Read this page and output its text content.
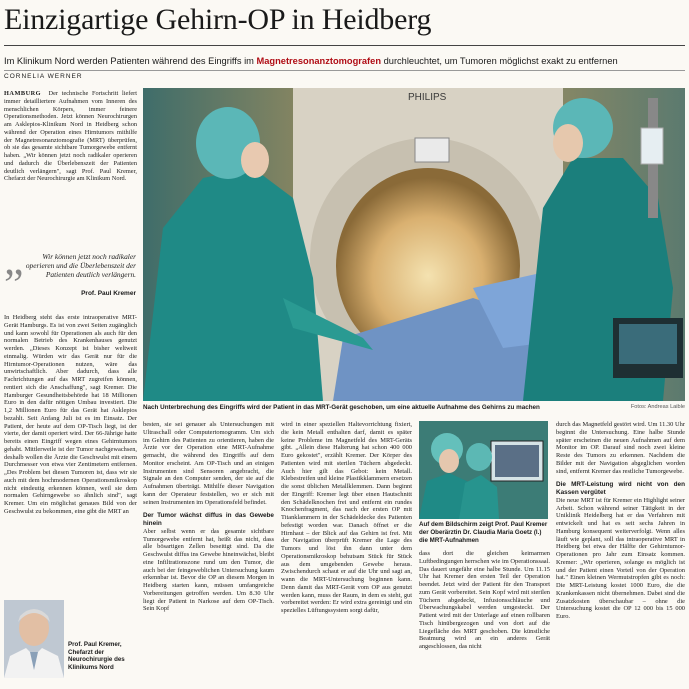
Einzigartige Gehirn-OP in Heidberg
Im Klinikum Nord werden Patienten während des Eingriffs im Magnetresonanztomografen durchleuchtet, um Tumoren möglichst exakt zu entfernen
CORNELIA WERNER

HAMBURG Der technische Fortschritt liefert immer detailliertere Aufnahmen vom Inneren des menschlichen Körpers, immer feinere Operationsmethoden. Jetzt können Neurochirurgen am Asklepios-Klinikum Nord in Heidberg schon während der Operation eines Hirntumors mithilfe der Magnetresonanztomografie (MRT) überprüfen, ob sie das gesamte sichtbare Tumorgewebe entfernt haben. „Wir können jetzt noch radikaler operieren und dadurch die Überlebenszeit der Patienten deutlich verlängern", sagt Prof. Paul Kremer, Chefarzt der Neurochirurgie am Klinikum Nord.

„	Wir können jetzt noch radikaler operieren und die Überlebenszeit der Patienten deutlich verlängern.
Prof. Paul Kremer

In Heidberg steht das erste intraoperative MRT-Gerät Hamburgs. Es ist von zwei Seiten zugänglich und kann sowohl für Operationen als auch für den normalen Betrieb des Krankenhauses genutzt werden. „Dieses Konzept ist bisher weltweit einmalig. Würden wir das Gerät nur für die Hirntumor-Operationen nutzen, wäre das unwirtschaftlich. Aber dadurch, dass alle Fachrichtungen auf das MRT zugreifen können, rentiert sich die Anschaffung", sagt Kremer. Die Hamburger Gesundheitsbehörde hat 18 Millionen Euro in den dafür nötigen Umbau investiert. Die 1,2 Millionen Euro für das Gerät hat Asklepios bezahlt. Seit Anfang Juli ist es im Einsatz. Der Patient, der heute auf dem OP-Tisch liegt, ist der vierte, der damit operiert wird. Der 66-Jährige hatte bereits einen Eingriff wegen eines Gehirntumors gehabt. Mittlerweile ist der Tumor nachgewachsen, deshalb wollen die Ärzte die Geschwulst mit einem Durchmesser von etwa vier Zentimetern entfernen. „Des Problem bei diesen Tumoren ist, dass wir sie auch mit dem hochmodernen Operationsmikroskop nicht eindeutig erkennen können, weil sie dem normalen Gehirngewebe so ähnlich sind", sagt Kremer. Um ein möglichst genaues Bild von der Geschwulst zu bekommen, eine gibt die MRT an

PHILIPS
Nach Unterbrechung des Eingriffs wird der Patient in das MRT-Gerät geschoben, um eine aktuelle Aufnahme des Gehirns zu machen	Fotos: Andreas Laible

besten, sie sei genauer als Untersuchungen mit Ultraschall oder Computertomogramm. Um sich im Gehirn des Patienten zu orientieren, haben die Ärzte vor der Operation eine MRT-Aufnahme gemacht, die während des Eingriffs auf dem Monitor erscheint. Am OP-Tisch und an einigen Instrumenten sind Sensoren angebracht, die Signale an den Computer senden, der sie auf die Aufnahmen überträgt. Mithilfe dieser Navigation kann der Operateur feststellen, wo er sich mit seinen Instrumenten im Operationsfeld befindet.

Der Tumor wächst diffus in das Gewebe hinein

Aber selbst wenn er das gesamte sichtbare Tumorgewebe entfernt hat, heißt das nicht, dass alle bösartigen Zellen beseitigt sind. Da die Geschwulst diffus ins Gewebe hineinwächst, bleibt eine Infiltrationszone rund um den Tumor, die auch bei der feingeweblichen Untersuchung kaum erkennbar ist. Bevor die OP an diesem Morgen in Heidberg starten kann, müssen umfangreiche Vorbereitungen getroffen werden. Um 8.30 Uhr liegt der Patient in Narkose auf dem OP-Tisch. Sein Kopf

wird in einer speziellen Haltevorrichtung fixiert, die kein Metall enthalten darf, damit es später keine Probleme im Magnetfeld des MRT-Geräts gibt. „Allein diese Halterung hat schon 400 000 Euro gekostet", erzählt Kremer. Der Körper des Patienten wird mit sterilen Tüchern abgedeckt. Auch hier gilt das Gebot: kein Metall. Klebestreifen und kleine Plastikklammern ersetzen die sonst üblichen Metallklemmen. Dann beginnt der Eingriff: Kremer legt über einen Hautschnitt den Schädelknochen frei und entfernt ein rundes Knochenfragment, das nach der ersten OP mit Titanklammern in der Schädeldecke des Patienten befestigt worden war. Danach öffnet er die Hirnhaut – der Blick auf das Gehirn ist frei. Mit der Navigation überprüft Kremer die Lage des Tumors und löst ihn dann unter dem Operationsmikroskop behutsam Stück für Stück aus dem umgebenden Gewebe heraus. Zwischendurch schaut er auf die Uhr und sagt an, wann die MRT-Untersuchung beginnen kann. Denn damit das MRT-Gerät vom OP aus genutzt werden kann, muss der Raum, in dem es steht, gut vorbereitet werden: Er wird extra gereinigt und ein spezielles Lüftungssystem sorgt dafür,

Auf dem Bildschirm zeigt Prof. Paul Kremer der Oberärztin Dr. Claudia Maria Goetz (l.) die MRT-Aufnahmen

dass dort die gleichen keimarmen Luftbedingungen herrschen wie im Operationssaal. Das dauert ungefähr eine halbe Stunde. Um 11.15 Uhr hat Kremer den ersten Teil der Operation beendet. Jetzt wird der Patient für den Transport zum Gerät vorbereitet. Sein Kopf wird mit sterilen Tüchern abgedeckt, Infusionsschläuche und Überwachungskabel werden umgesteckt. Der Patient wird mit der Unterlage auf einen rollbaren Tisch hinübergezogen und von dort auf die Liegefläche des MRT geschoben. Die künstliche Beatmung wird an ein anderes Gerät angeschlossen, das nicht

durch das Magnetfeld gestört wird. Um 11.30 Uhr beginnt die Untersuchung. Eine halbe Stunde später erscheinen die neuen Aufnahmen auf dem Monitor im OP. Darauf sind noch zwei kleine Reste des Tumors zu erkennen. Nachdem die Bilder mit der Navigation abgeglichen worden sind, entfernt Kremer das restliche Tumorgewebe.

Die MRT-Leistung wird nicht von den Kassen vergütet

Die neue MRT ist für Kremer ein Highlight seiner Arbeit. Schon während seiner Tätigkeit in der Uniklinik Heidelberg hat er das Verfahren mit entwickelt und hat es seit sechs Jahren in Hamburg konsequent weiterverfolgt. Wenn alles läuft wie geplant, soll das intraoperative MRT in Heidberg bei etwa der Hälfte der Gehirntumor-Operationen pro Jahr zum Einsatz kommen. Kremer: „Wir operieren, solange es möglich ist und der Patient einen Vorteil von der Operation hat." Einen kleinen Wermutstropfen gibt es noch: Die MRT-Leistung kostet 1000 Euro, die die Krankenkassen nicht übernehmen. Dabei sind die Zusatzkosten überschaubar – ohne die Untersuchung kostet die OP 12 000 bis 15 000 Euro.

Prof. Paul Kremer, Chefarzt der Neurochirurgie des Klinikums Nord
